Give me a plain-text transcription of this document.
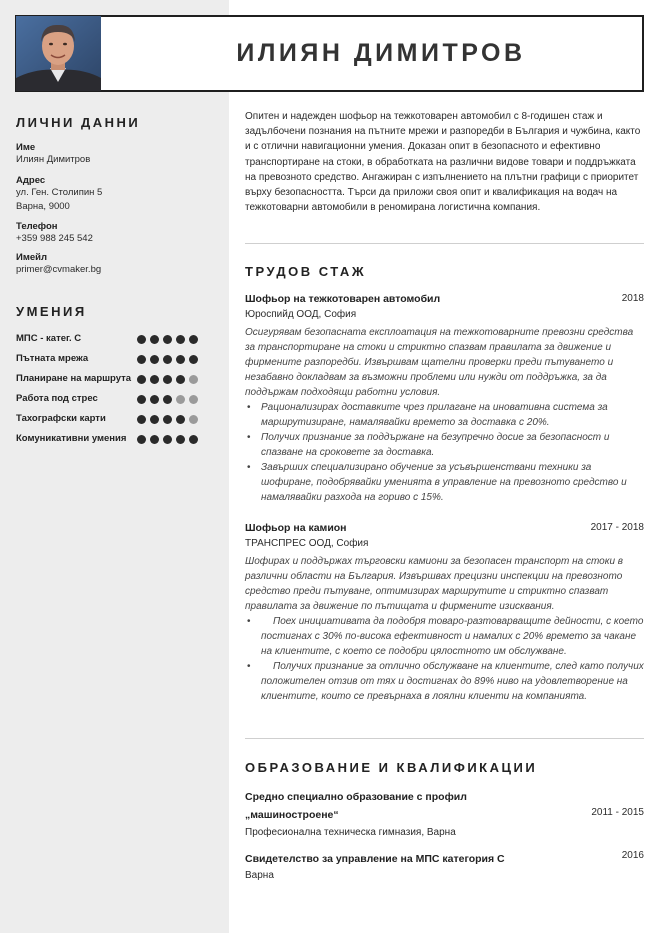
ИЛИЯН ДИМИТРОВ
ЛИЧНИ ДАННИ
Име
Илиян Димитров
Адрес
ул. Ген. Столипин 5
Варна, 9000
Телефон
+359 988 245 542
Имейл
primer@cvmaker.bg
УМЕНИЯ
МПС - катег. С
Пътната мрежа
Планиране на маршрута
Работа под стрес
Тахографски карти
Комуникативни умения
Опитен и надежден шофьор на тежкотоварен автомобил с 8-годишен стаж и задълбочени познания на пътните мрежи и разпоредби в България и чужбина, както и с отлични навигационни умения. Доказан опит в безопасното и ефективно транспортиране на стоки, в обработката на различни видове товари и поддръжката на превозното средство. Ангажиран с изпълнението на плътни графици с приоритет върху безопасността. Търси да приложи своя опит и квалификация на водач на тежкотоварни автомобили в реномирана логистична компания.
ТРУДОВ СТАЖ
Шофьор на тежкотоварен автомобил	2018
Юроспийд ООД, София
Осигурявам безопасната експлоатация на тежкотоварните превозни средства за транспортиране на стоки и стриктно спазвам правилата за движение и фирмените разпоредби. Извършвам щателни проверки преди пътуването и незабавно докладвам за възможни проблеми или нужди от поддръжка, за да поддържам подходящи работни условия.
• Рационализирах доставките чрез прилагане на иновативна система за маршрутизиране, намалявайки времето за доставка с 20%.
• Получих признание за поддържане на безупречно досие за безопасност и спазване на сроковете за доставка.
• Завърших специализирано обучение за усъвършенствани техники за шофиране, подобрявайки уменията в управление на превозното средство и намалявайки разхода на гориво с 15%.
Шофьор на камион	2017 - 2018
ТРАНСПРЕС ООД, София
Шофирах и поддържах търговски камиони за безопасен транспорт на стоки в различни области на България. Извършвах прецизни инспекции на превозното средство преди пътуване, оптимизирах маршрутите и стриктно спазват правилата за движение по пътищата и фирмените изисквания.
• Поех инициативата да подобря товаро-разтоварващите дейности, с което постигнах с 30% по-висока ефективност и намалих с 20% времето за чакане на клиентите, с което се подобри цялостното им обслужване.
• Получих признание за отлично обслужване на клиентите, след като получих положителен отзив от тях и достигнах до 89% ниво на удовлетворение на клиентите, които се превърнаха в лоялни клиенти на компанията.
ОБРАЗОВАНИЕ И КВАЛИФИКАЦИИ
Средно специално образование с профил
„машиностроене“	2011 - 2015
Професионална техническа гимназия, Варна
Свидетелство за управление на МПС категория С	2016
Варна
